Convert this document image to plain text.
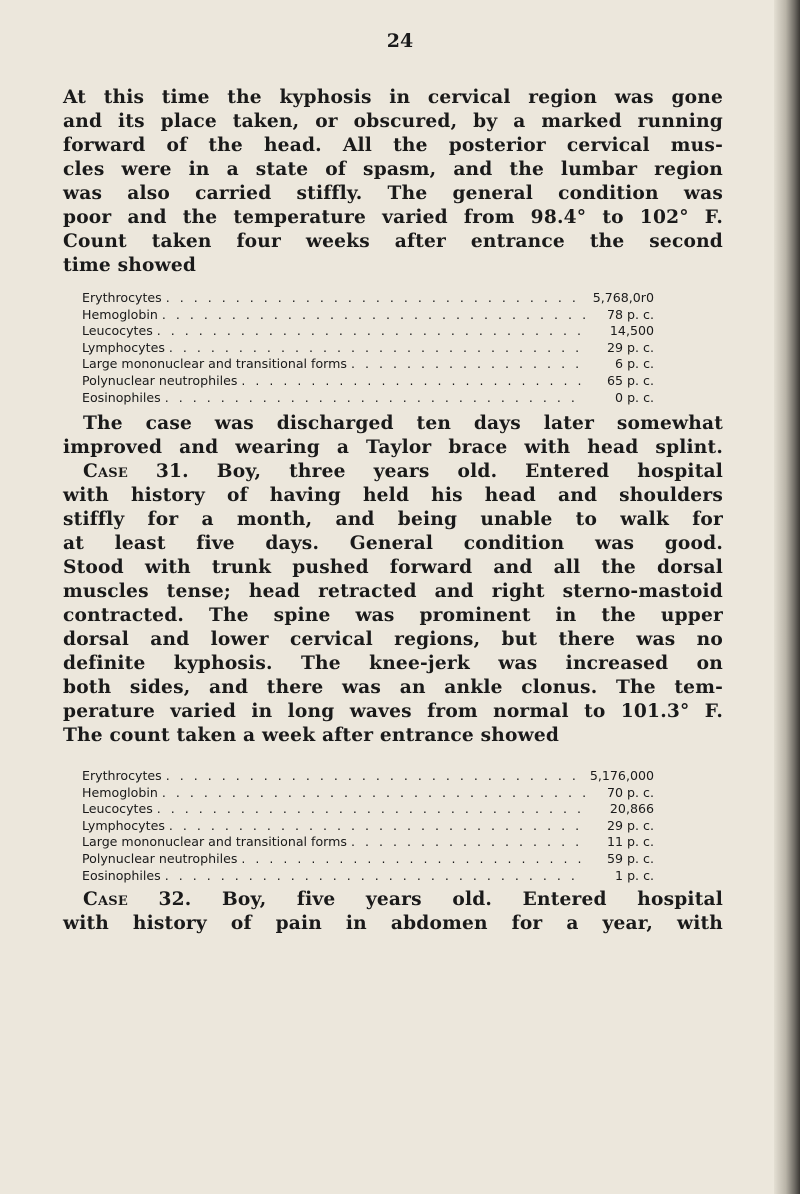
24
At this time the kyphosis in cervical region was gone
and its place taken, or obscured, by a marked running
forward of the head. All the posterior cervical mus-
cles were in a state of spasm, and the lumbar region
was also carried stiffly. The general condition was
poor and the temperature varied from 98.4° to 102° F.
Count taken four weeks after entrance the second
time showed
Erythrocytes . . .	5,768,0r0
Hemoglobin . . .	78 p. c.
Leucocytes . . .	14,500
Lymphocytes . . .	29 p. c.
Large mononuclear and transitional forms . . .	6 p. c.
Polynuclear neutrophiles . . .	65 p. c.
Eosinophiles . . .	0 p. c.
The case was discharged ten days later somewhat
improved and wearing a Taylor brace with head splint.
Case 31. Boy, three years old. Entered hospital
with history of having held his head and shoulders
stiffly for a month, and being unable to walk for
at least five days. General condition was good.
Stood with trunk pushed forward and all the dorsal
muscles tense; head retracted and right sterno-mastoid
contracted. The spine was prominent in the upper
dorsal and lower cervical regions, but there was no
definite kyphosis. The knee-jerk was increased on
both sides, and there was an ankle clonus. The tem-
perature varied in long waves from normal to 101.3° F.
The count taken a week after entrance showed
Erythrocytes . . .	5,176,000
Hemoglobin . . .	70 p. c.
Leucocytes . . .	20,866
Lymphocytes . . .	29 p. c.
Large mononuclear and transitional forms . . .	11 p. c.
Polynuclear neutrophiles . . .	59 p. c.
Eosinophiles . . .	1 p. c.
Case 32. Boy, five years old. Entered hospital
with history of pain in abdomen for a year, with
